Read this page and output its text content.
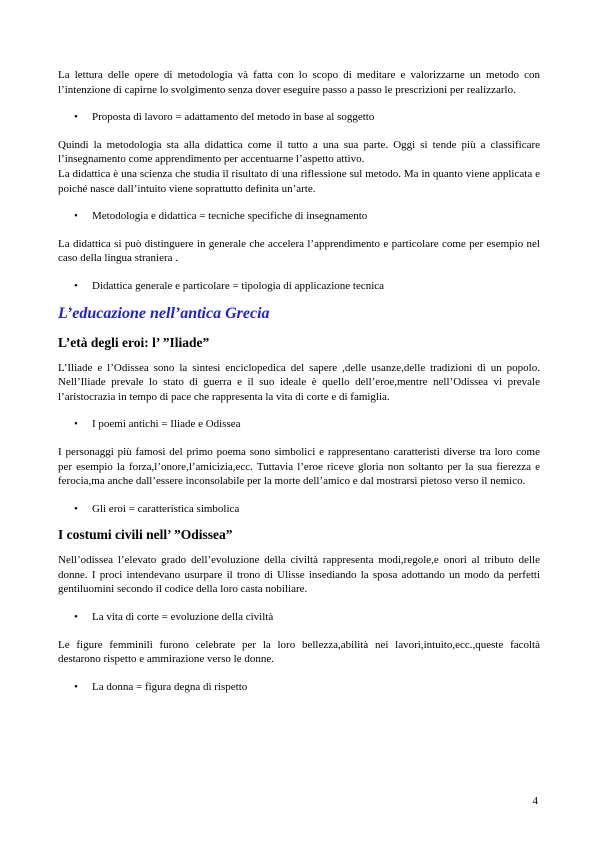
La lettura delle opere di metodologia và fatta con lo scopo di meditare e valorizzarne un metodo con l’intenzione di capirne lo svolgimento senza dover eseguire passo a passo le prescrizioni per realizzarlo.

• Proposta di lavoro = adattamento del metodo in base al soggetto

Quindi la metodologia sta alla didattica come il tutto a una sua parte. Oggi si tende più a classificare l’insegnamento come apprendimento per accentuarne l’aspetto attivo.

La didattica è una scienza che studia il risultato di una riflessione sul metodo. Ma in quanto viene applicata e poiché nasce dall’intuito viene soprattutto definita un’arte.

• Metodologia e didattica = tecniche specifiche di insegnamento

La didattica si può distinguere in generale che accelera l’apprendimento e particolare come per esempio nel caso della lingua straniera .

• Didattica generale e particolare = tipologia di applicazione tecnica

L’educazione nell’antica Grecia
L’età degli eroi: l’ ”Iliade”

L’Iliade e l’Odissea sono la sintesi enciclopedica del sapere ,delle usanze,delle tradizioni di un popolo. Nell’Iliade prevale lo stato di guerra e il suo ideale è quello dell’eroe,mentre nell’Odissea vi prevale l’aristocrazia in tempo di pace che rappresenta la vita di corte e di famiglia.

• I poemi antichi = Iliade e Odissea

I personaggi più famosi del primo poema sono simbolici e rappresentano caratteristi diverse tra loro come per esempio la forza,l’onore,l’amicizia,ecc. Tuttavia l’eroe riceve gloria non soltanto per la sua fierezza e ferocia,ma anche dall’essere inconsolabile per la morte dell’amico e dal mostrarsi pietoso verso il nemico.

• Gli eroi = caratteristica simbolica

I costumi civili nell’ ”Odissea”

Nell’odissea l’elevato grado dell’evoluzione della civiltà rappresenta modi,regole,e onori al tributo delle donne. I proci intendevano usurpare il trono di Ulisse insediando la sposa adottando un modo da perfetti gentiluomini secondo il codice della loro casta nobiliare.

• La vita di corte = evoluzione della civiltà

Le figure femminili furono celebrate per la loro bellezza,abilità nei lavori,intuito,ecc.,queste facoltà destarono rispetto e ammirazione verso le donne.

• La donna = figura degna di rispetto

4
